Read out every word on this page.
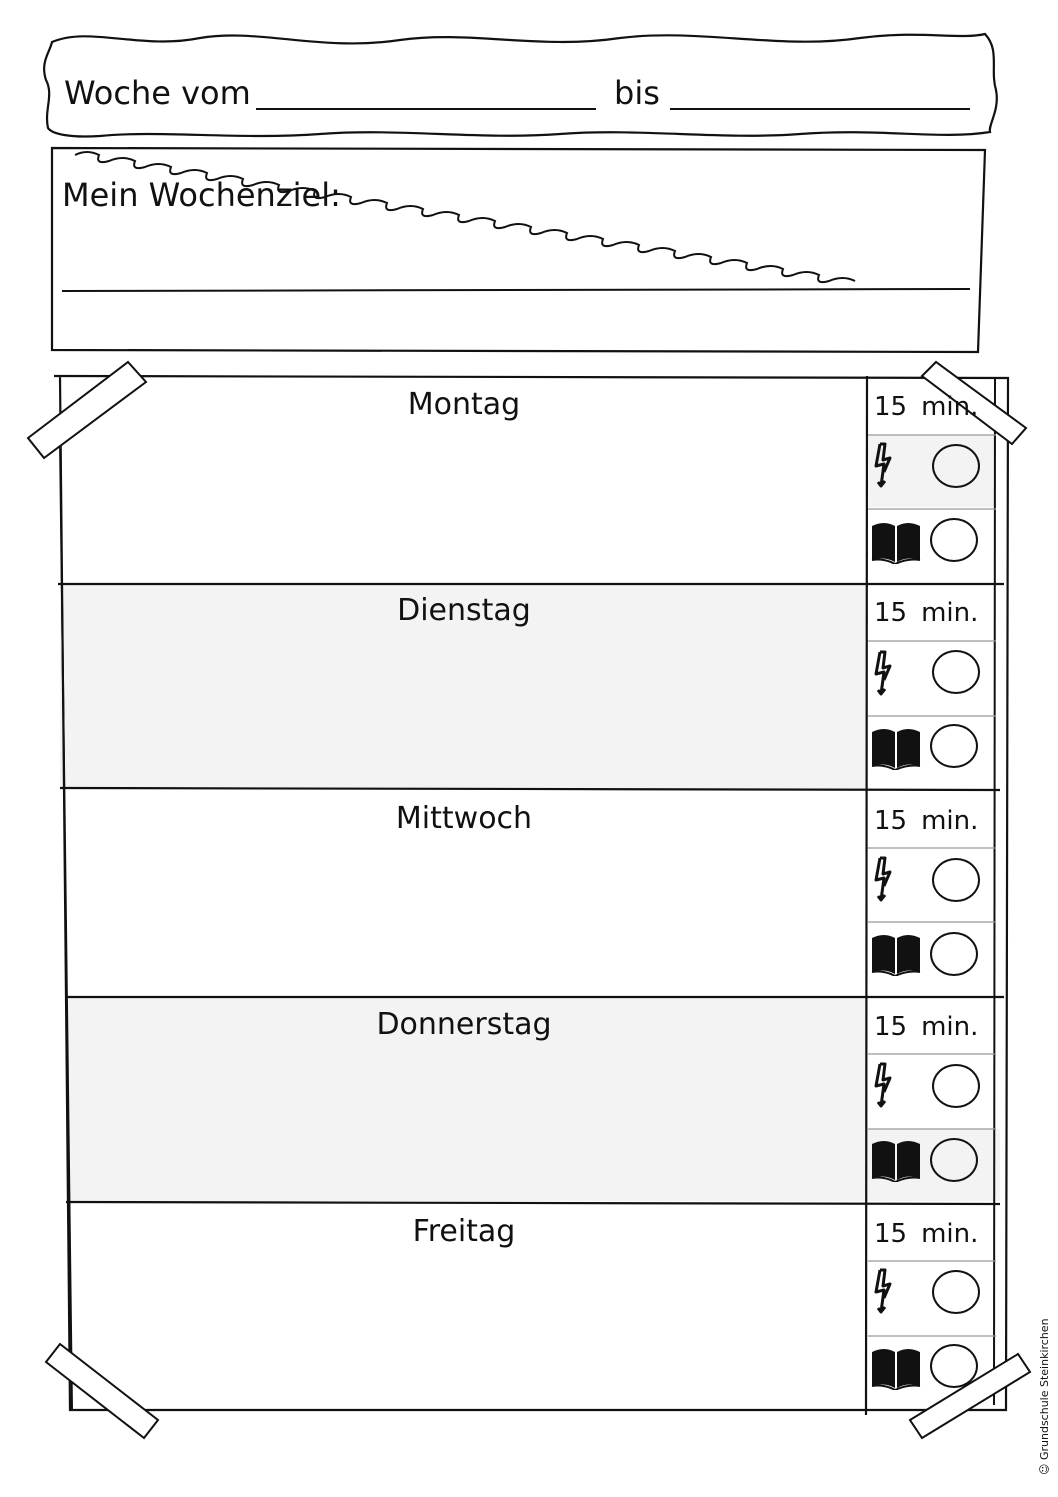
Woche vom	bis
Mein Wochenziel:
Montag	15 min.
Dienstag	15 min.
Mittwoch	15 min.
Donnerstag	15 min.
Freitag	15 min.
☺ Grundschule Steinkirchen
